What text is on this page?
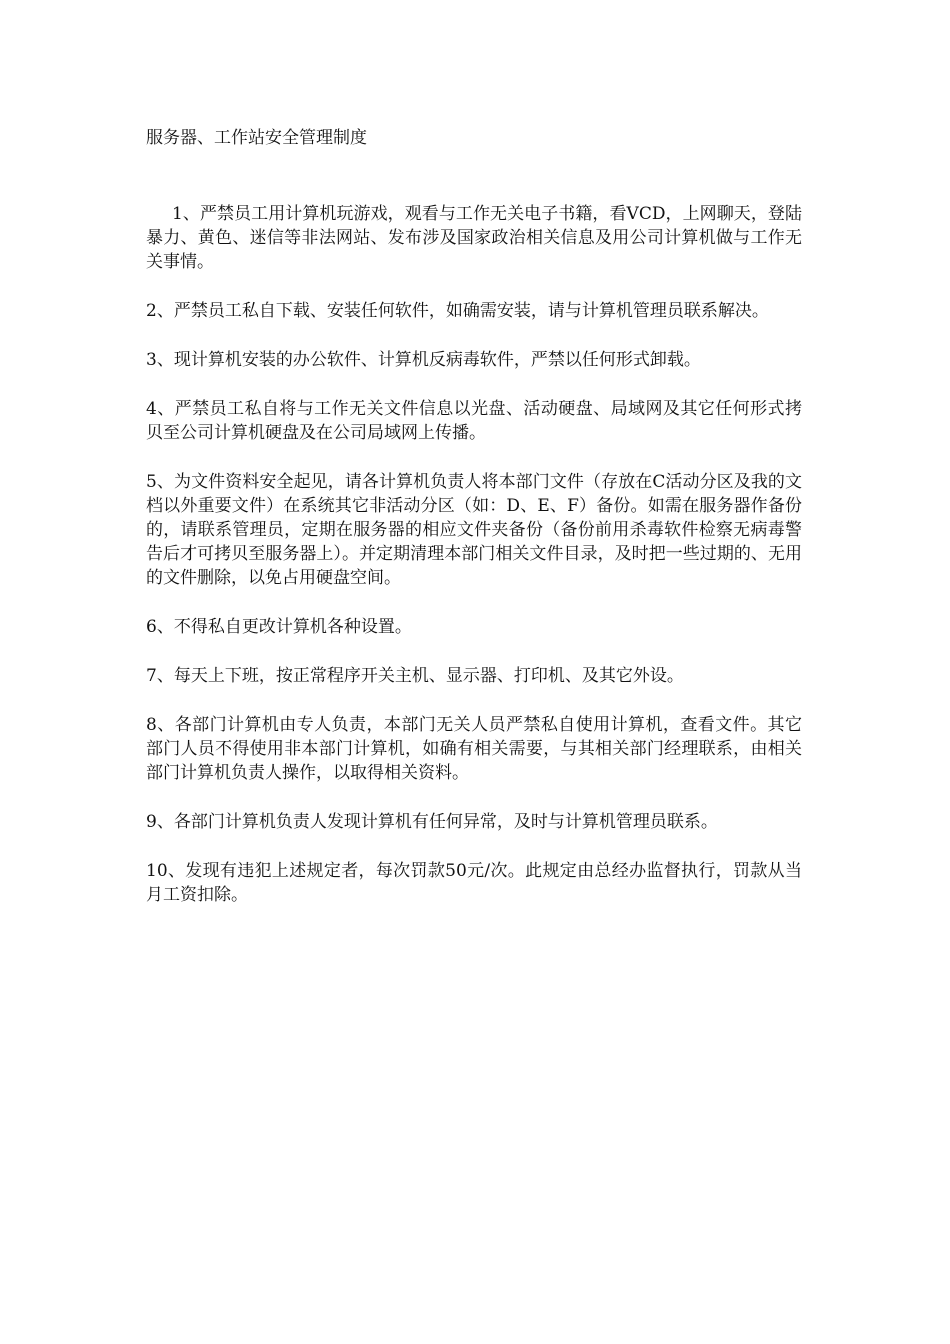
服务器、工作站安全管理制度

1、严禁员工用计算机玩游戏，观看与工作无关电子书籍，看VCD，上网聊天，登陆暴力、黄色、迷信等非法网站、发布涉及国家政治相关信息及用公司计算机做与工作无关事情。

2、严禁员工私自下载、安装任何软件，如确需安装，请与计算机管理员联系解决。

3、现计算机安装的办公软件、计算机反病毒软件，严禁以任何形式卸载。

4、严禁员工私自将与工作无关文件信息以光盘、活动硬盘、局域网及其它任何形式拷贝至公司计算机硬盘及在公司局域网上传播。

5、为文件资料安全起见，请各计算机负责人将本部门文件（存放在C活动分区及我的文档以外重要文件）在系统其它非活动分区（如：D、E、F）备份。如需在服务器作备份的，请联系管理员，定期在服务器的相应文件夹备份（备份前用杀毒软件检察无病毒警告后才可拷贝至服务器上）。并定期清理本部门相关文件目录，及时把一些过期的、无用的文件删除，以免占用硬盘空间。

6、不得私自更改计算机各种设置。

7、每天上下班，按正常程序开关主机、显示器、打印机、及其它外设。

8、各部门计算机由专人负责，本部门无关人员严禁私自使用计算机，查看文件。其它部门人员不得使用非本部门计算机，如确有相关需要，与其相关部门经理联系，由相关部门计算机负责人操作，以取得相关资料。

9、各部门计算机负责人发现计算机有任何异常，及时与计算机管理员联系。

10、发现有违犯上述规定者，每次罚款50元/次。此规定由总经办监督执行，罚款从当月工资扣除。
